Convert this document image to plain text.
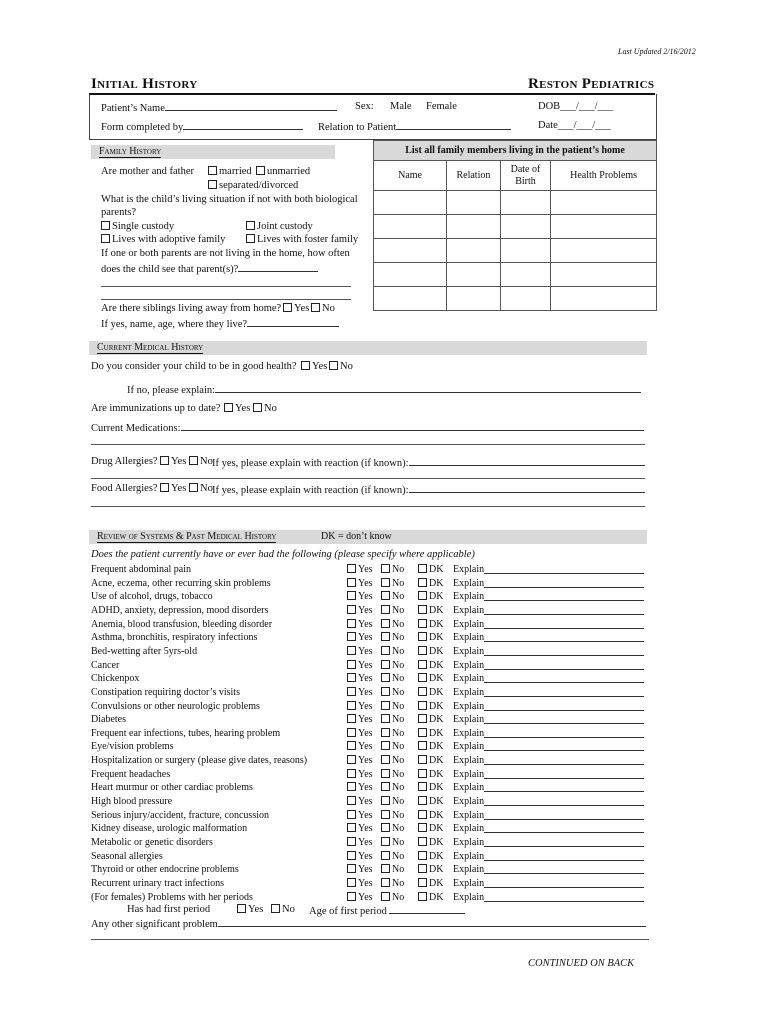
Last Updated 2/16/2012
Initial History	Reston Pediatrics
Patient’s Name	Sex: Male Female	DOB___/___/___
Form completed by	Relation to Patient	Date___/___/___
Family History
Are mother and father	married	unmarried
separated/divorced
What is the child’s living situation if not with both biological
parents?
Single custody	Joint custody
Lives with adoptive family	Lives with foster family
If one or both parents are not living in the home, how often
does the child see that parent(s)?
Are there siblings living away from home?	Yes	No
If yes, name, age, where they live?
List all family members living in the patient’s home			
Name	Relation	Date of Birth	Health Problems

Current Medical History
Do you consider your child to be in good health?	Yes	No
If no, please explain:
Are immunizations up to date?	Yes	No
Current Medications:
Drug Allergies?	Yes	No If yes, please explain with reaction (if known):
Food Allergies?	Yes	No If yes, please explain with reaction (if known):
Review of Systems & Past Medical History	DK = don’t know
Does the patient currently have or ever had the following (please specify where applicable)
Frequent abdominal pain	Yes	No	DK Explain
Acne, eczema, other recurring skin problems	Yes	No	DK Explain
Use of alcohol, drugs, tobacco	Yes	No	DK Explain
ADHD, anxiety, depression, mood disorders	Yes	No	DK Explain
Anemia, blood transfusion, bleeding disorder	Yes	No	DK Explain
Asthma, bronchitis, respiratory infections	Yes	No	DK Explain
Bed-wetting after 5yrs-old	Yes	No	DK Explain
Cancer	Yes	No	DK Explain
Chickenpox	Yes	No	DK Explain
Constipation requiring doctor’s visits	Yes	No	DK Explain
Convulsions or other neurologic problems	Yes	No	DK Explain
Diabetes	Yes	No	DK Explain
Frequent ear infections, tubes, hearing problem	Yes	No	DK Explain
Eye/vision problems	Yes	No	DK Explain
Hospitalization or surgery (please give dates, reasons)	Yes	No	DK Explain
Frequent headaches	Yes	No	DK Explain
Heart murmur or other cardiac problems	Yes	No	DK Explain
High blood pressure	Yes	No	DK Explain
Serious injury/accident, fracture, concussion	Yes	No	DK Explain
Kidney disease, urologic malformation	Yes	No	DK Explain
Metabolic or genetic disorders	Yes	No	DK Explain
Seasonal allergies	Yes	No	DK Explain
Thyroid or other endocrine problems	Yes	No	DK Explain
Recurrent urinary tract infections	Yes	No	DK Explain
(For females) Problems with her periods	Yes	No	DK Explain
Has had first period	Yes	No Age of first period
Any other significant problem
CONTINUED ON BACK
